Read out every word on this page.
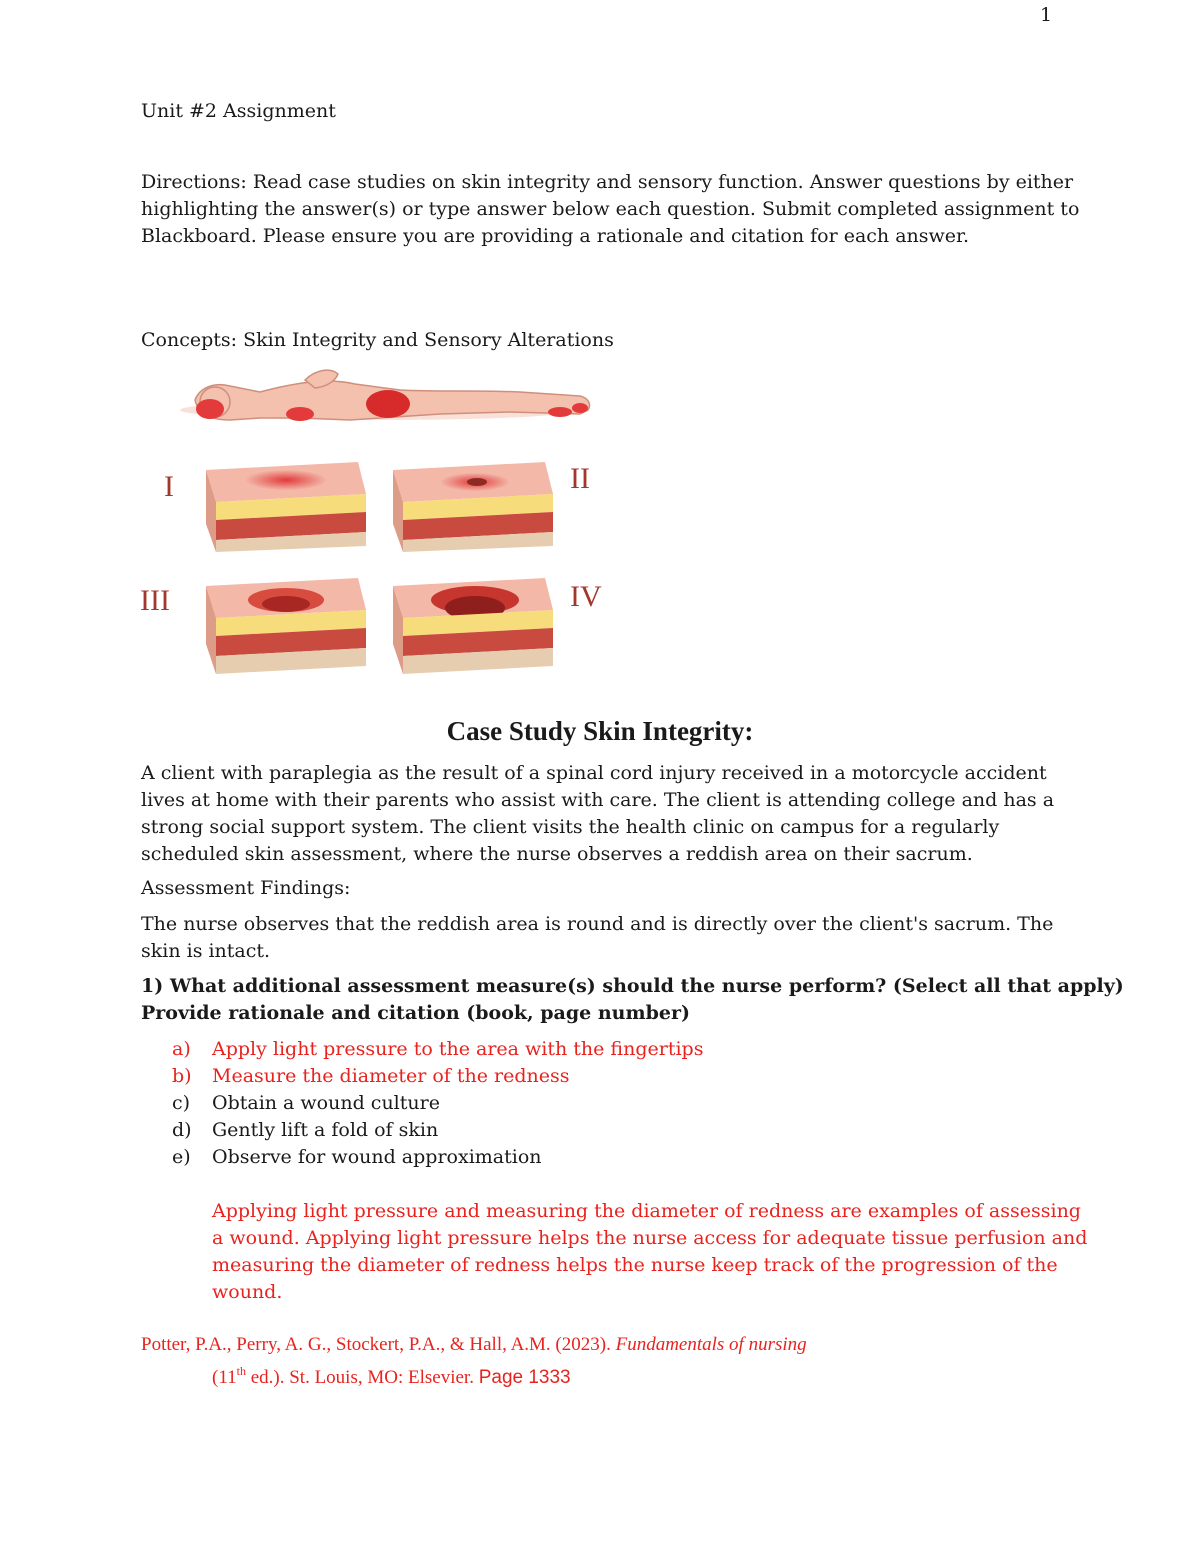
1
Unit #2 Assignment
Directions: Read case studies on skin integrity and sensory function. Answer questions by either
highlighting the answer(s) or type answer below each question. Submit completed assignment to
Blackboard. Please ensure you are providing a rationale and citation for each answer.
Concepts: Skin Integrity and Sensory Alterations
I	II
III	IV
Case Study Skin Integrity:
A client with paraplegia as the result of a spinal cord injury received in a motorcycle accident
lives at home with their parents who assist with care. The client is attending college and has a
strong social support system. The client visits the health clinic on campus for a regularly
scheduled skin assessment, where the nurse observes a reddish area on their sacrum.
Assessment Findings:
The nurse observes that the reddish area is round and is directly over the client's sacrum. The
skin is intact.
1) What additional assessment measure(s) should the nurse perform? (Select all that apply)
Provide rationale and citation (book, page number)
a) Apply light pressure to the area with the fingertips
b) Measure the diameter of the redness
c) Obtain a wound culture
d) Gently lift a fold of skin
e) Observe for wound approximation
Applying light pressure and measuring the diameter of redness are examples of assessing
a wound. Applying light pressure helps the nurse access for adequate tissue perfusion and
measuring the diameter of redness helps the nurse keep track of the progression of the
wound.
Potter, P.A., Perry, A. G., Stockert, P.A., & Hall, A.M. (2023). Fundamentals of nursing
(11th ed.). St. Louis, MO: Elsevier. Page 1333
